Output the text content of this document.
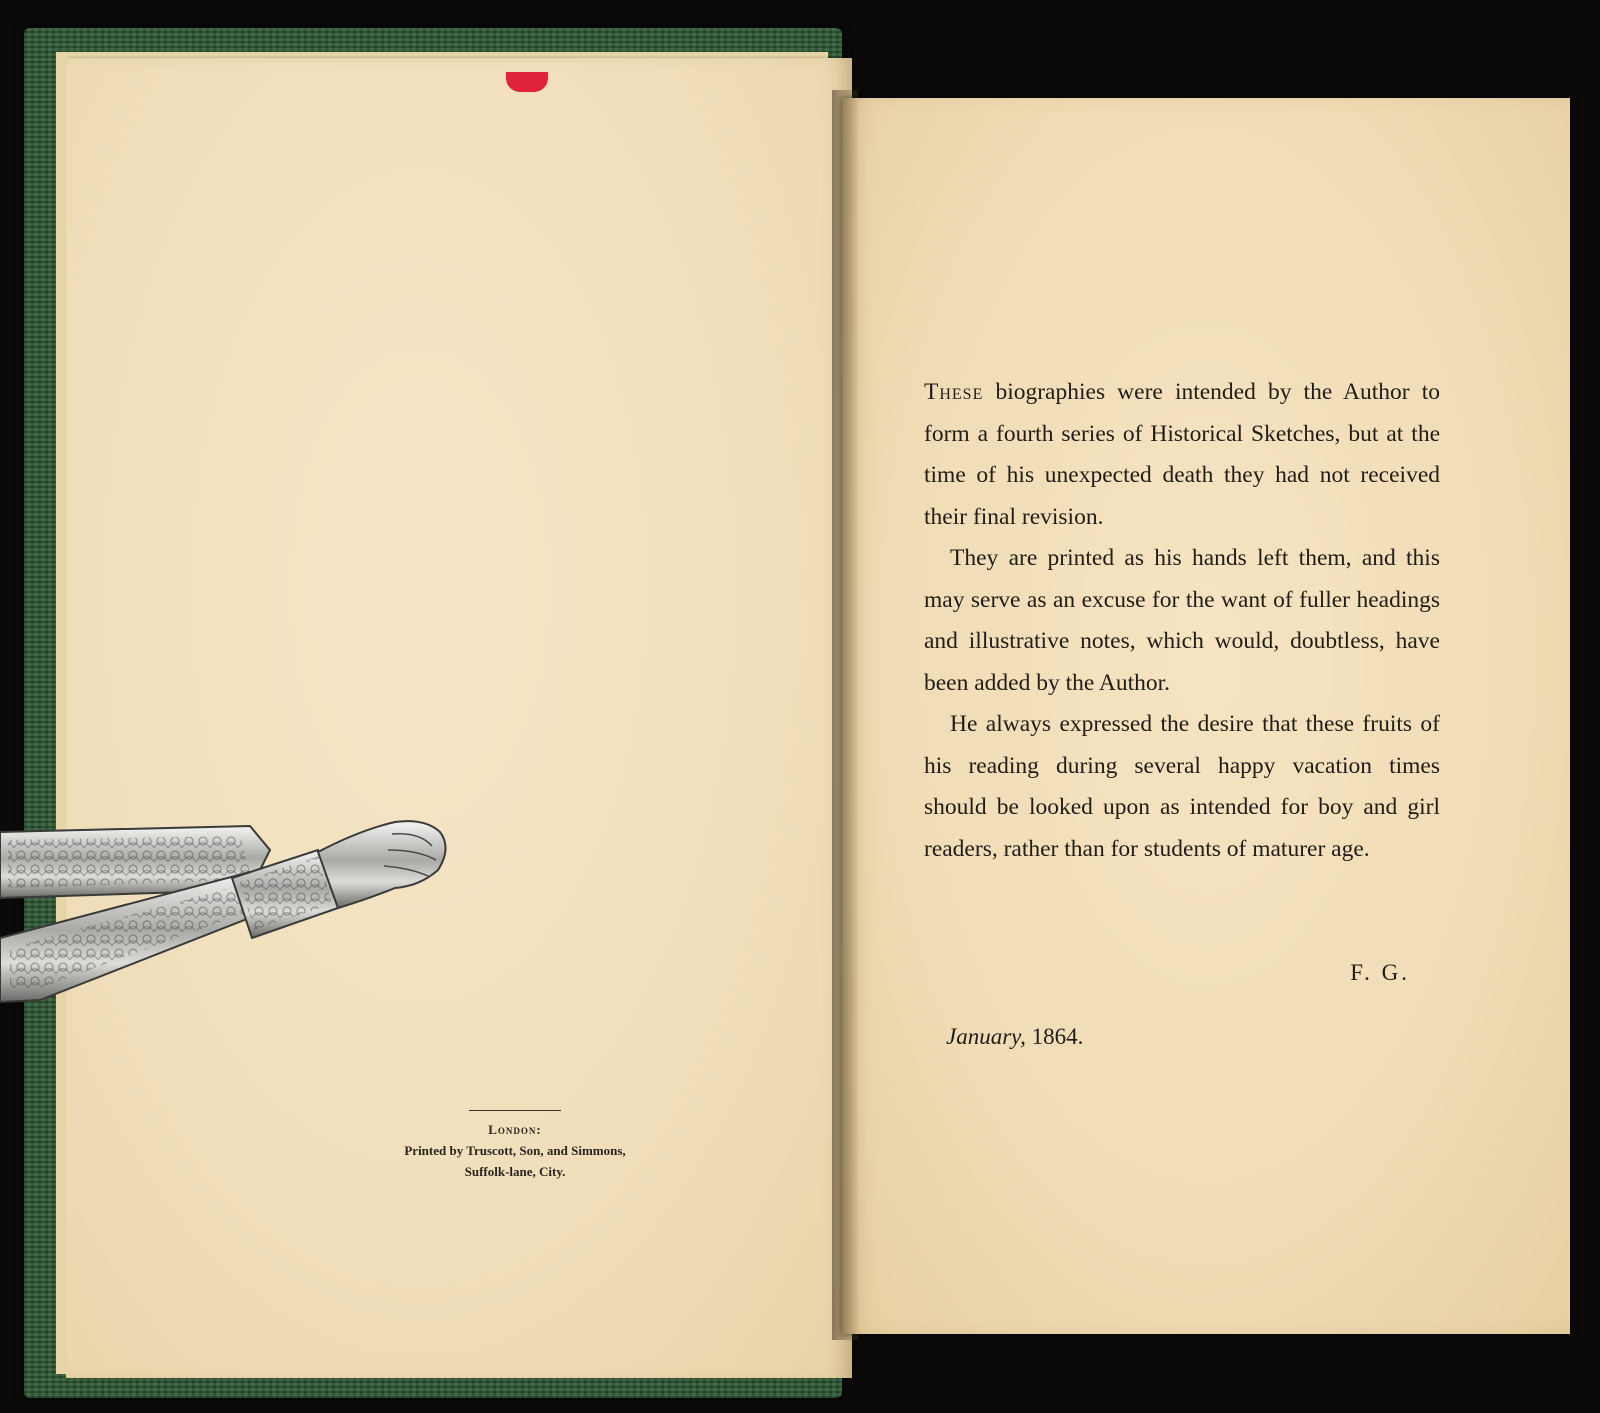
London:
Printed by Truscott, Son, and Simmons,
Suffolk-lane, City.

These biographies were intended by the Author to form a fourth series of Historical Sketches, but at the time of his unexpected death they had not received their final revision.

They are printed as his hands left them, and this may serve as an excuse for the want of fuller headings and illustrative notes, which would, doubtless, have been added by the Author.

He always expressed the desire that these fruits of his reading during several happy vacation times should be looked upon as intended for boy and girl readers, rather than for students of maturer age.

F. G.
January, 1864.
